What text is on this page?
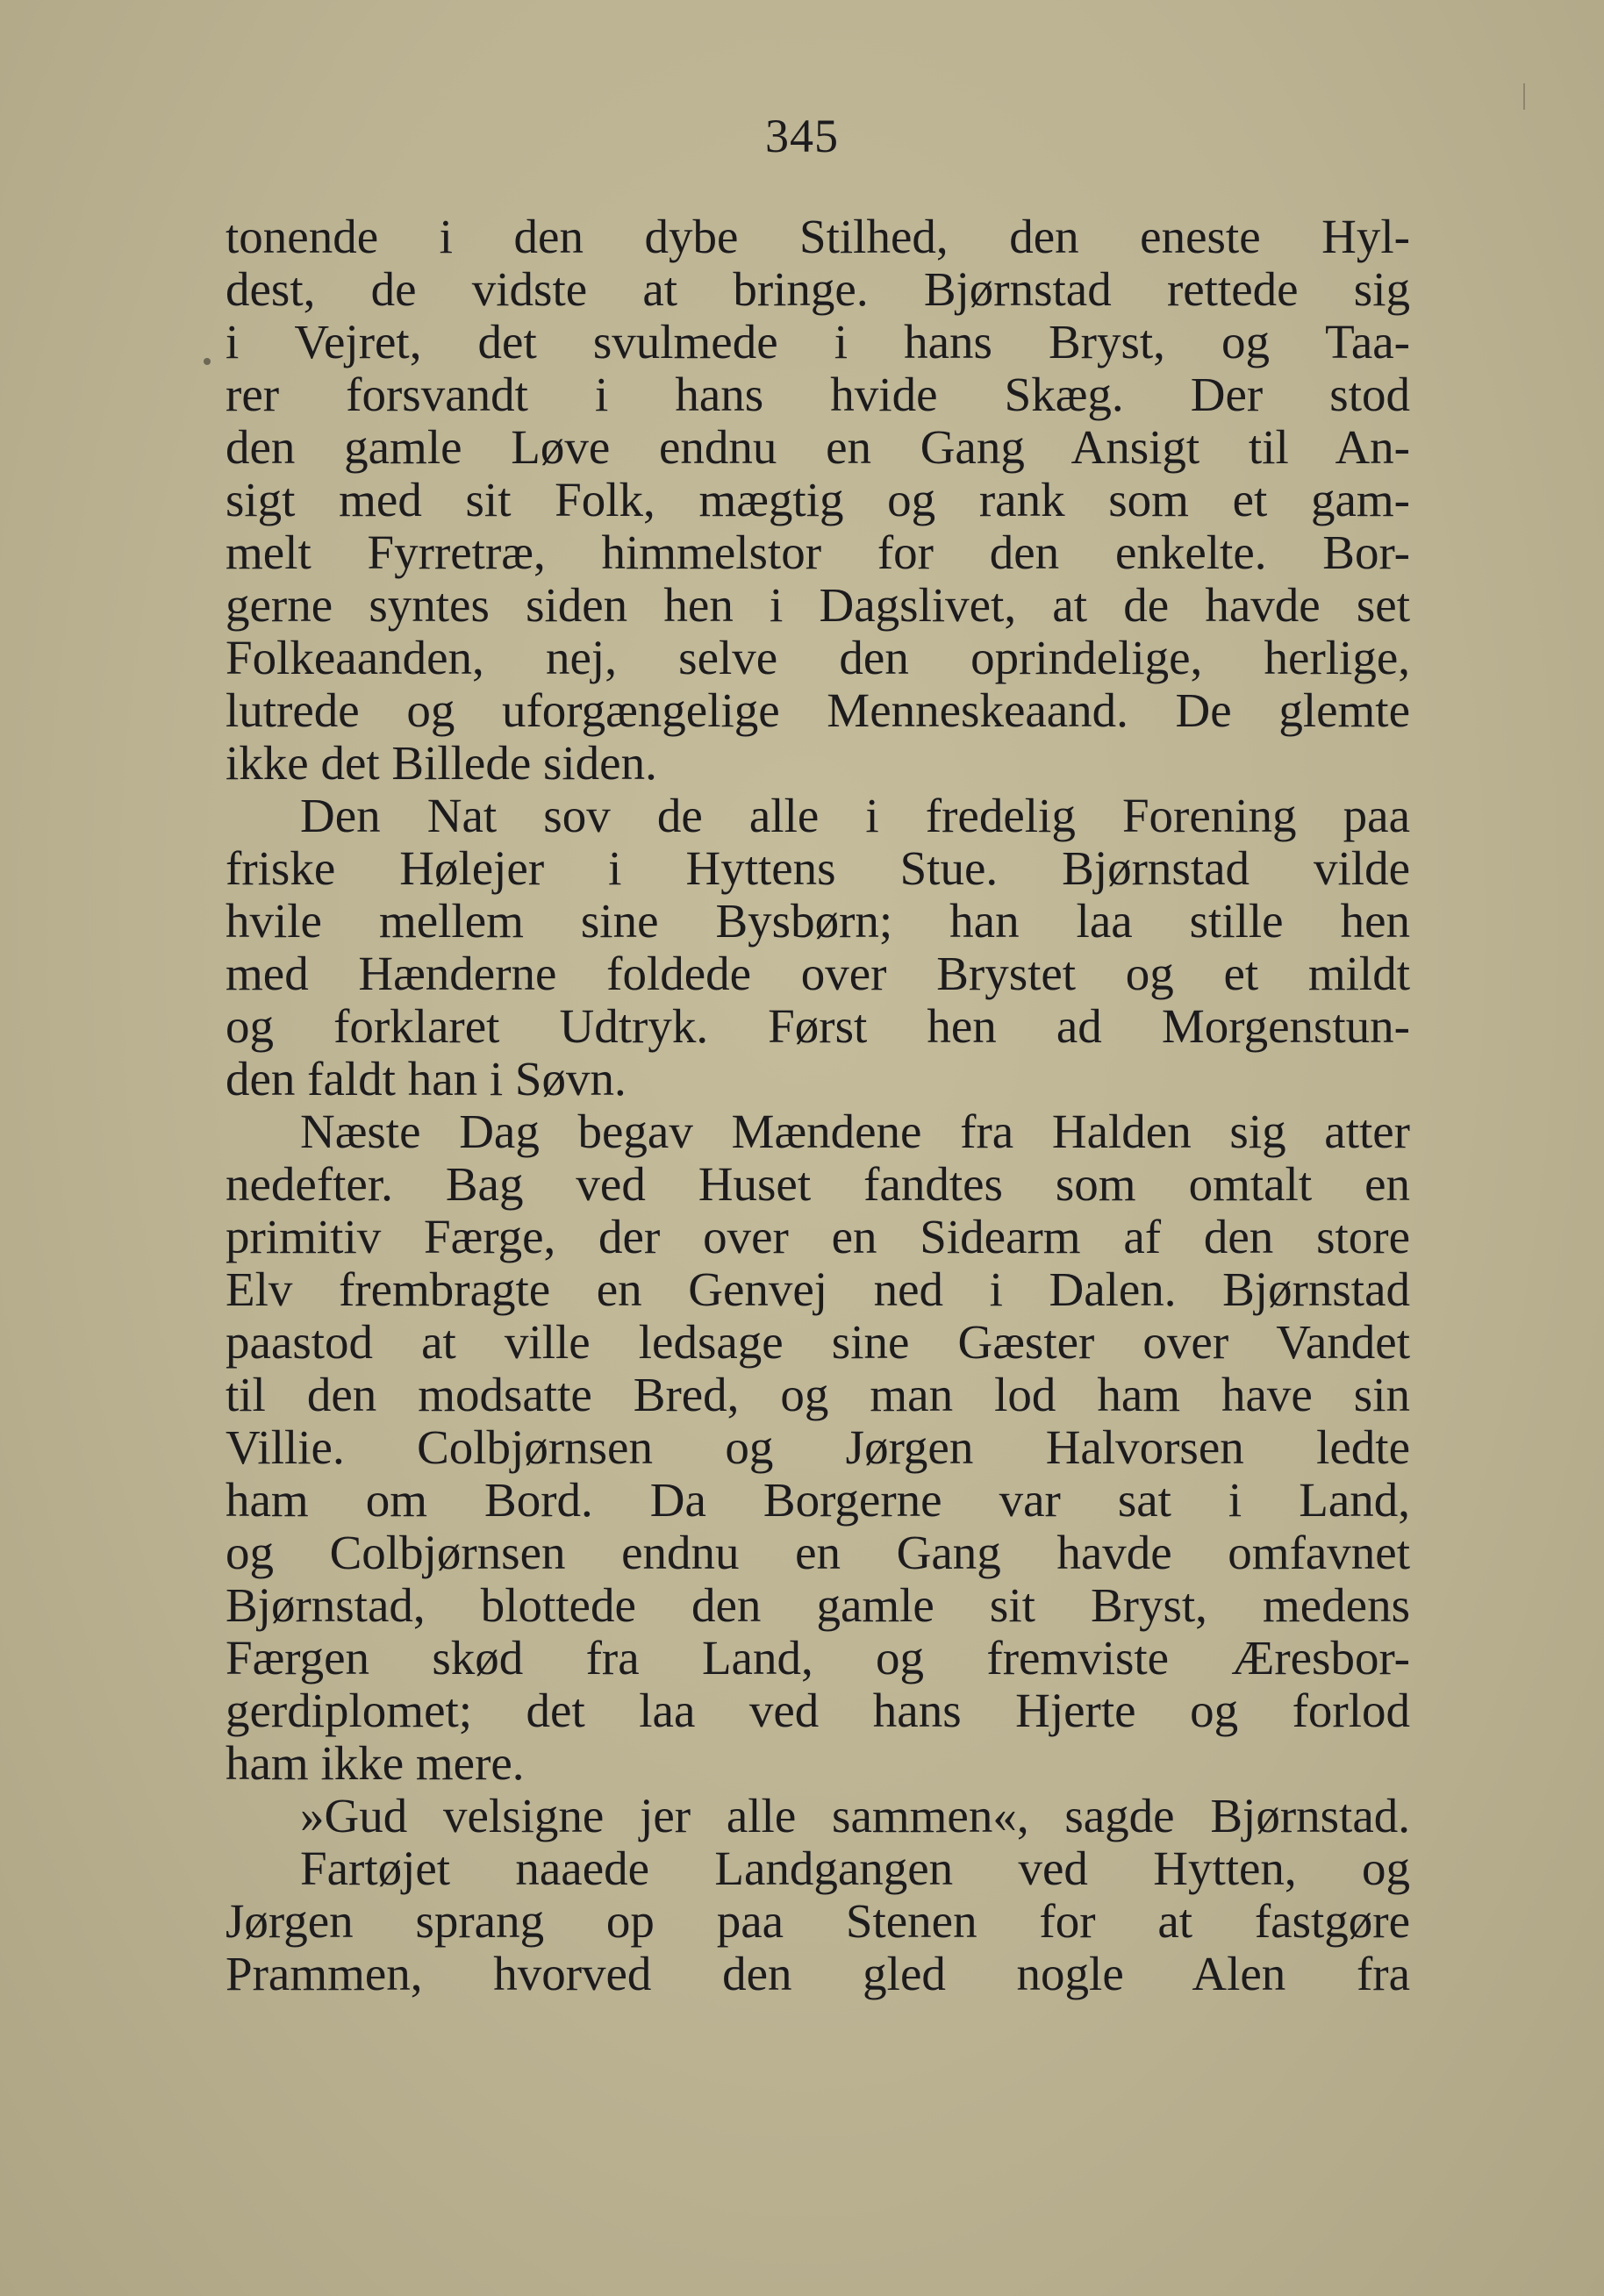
345
tonende i den dybe Stilhed, den eneste Hyl-
dest, de vidste at bringe. Bjørnstad rettede sig
i Vejret, det svulmede i hans Bryst, og Taa-
rer forsvandt i hans hvide Skæg. Der stod
den gamle Løve endnu en Gang Ansigt til An-
sigt med sit Folk, mægtig og rank som et gam-
melt Fyrretræ, himmelstor for den enkelte. Bor-
gerne syntes siden hen i Dagslivet, at de havde set
Folkeaanden, nej, selve den oprindelige, herlige,
lutrede og uforgængelige Menneskeaand. De glemte
ikke det Billede siden.
Den Nat sov de alle i fredelig Forening paa
friske Hølejer i Hyttens Stue. Bjørnstad vilde
hvile mellem sine Bysbørn; han laa stille hen
med Hænderne foldede over Brystet og et mildt
og forklaret Udtryk. Først hen ad Morgenstun-
den faldt han i Søvn.
Næste Dag begav Mændene fra Halden sig atter
nedefter. Bag ved Huset fandtes som omtalt en
primitiv Færge, der over en Sidearm af den store
Elv frembragte en Genvej ned i Dalen. Bjørnstad
paastod at ville ledsage sine Gæster over Vandet
til den modsatte Bred, og man lod ham have sin
Villie. Colbjørnsen og Jørgen Halvorsen ledte
ham om Bord. Da Borgerne var sat i Land,
og Colbjørnsen endnu en Gang havde omfavnet
Bjørnstad, blottede den gamle sit Bryst, medens
Færgen skød fra Land, og fremviste Æresbor-
gerdiplomet; det laa ved hans Hjerte og forlod
ham ikke mere.
»Gud velsigne jer alle sammen«, sagde Bjørnstad.
Fartøjet naaede Landgangen ved Hytten, og
Jørgen sprang op paa Stenen for at fastgøre
Prammen, hvorved den gled nogle Alen fra
